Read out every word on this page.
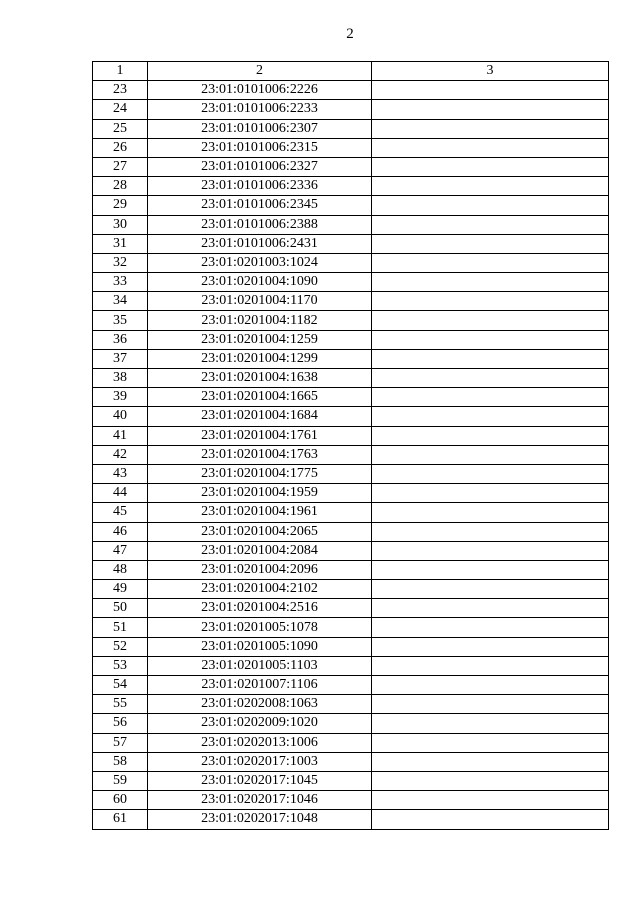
2
1	2	3
23	23:01:0101006:2226	
24	23:01:0101006:2233	
25	23:01:0101006:2307	
26	23:01:0101006:2315	
27	23:01:0101006:2327	
28	23:01:0101006:2336	
29	23:01:0101006:2345	
30	23:01:0101006:2388	
31	23:01:0101006:2431	
32	23:01:0201003:1024	
33	23:01:0201004:1090	
34	23:01:0201004:1170	
35	23:01:0201004:1182	
36	23:01:0201004:1259	
37	23:01:0201004:1299	
38	23:01:0201004:1638	
39	23:01:0201004:1665	
40	23:01:0201004:1684	
41	23:01:0201004:1761	
42	23:01:0201004:1763	
43	23:01:0201004:1775	
44	23:01:0201004:1959	
45	23:01:0201004:1961	
46	23:01:0201004:2065	
47	23:01:0201004:2084	
48	23:01:0201004:2096	
49	23:01:0201004:2102	
50	23:01:0201004:2516	
51	23:01:0201005:1078	
52	23:01:0201005:1090	
53	23:01:0201005:1103	
54	23:01:0201007:1106	
55	23:01:0202008:1063	
56	23:01:0202009:1020	
57	23:01:0202013:1006	
58	23:01:0202017:1003	
59	23:01:0202017:1045	
60	23:01:0202017:1046	
61	23:01:0202017:1048	
